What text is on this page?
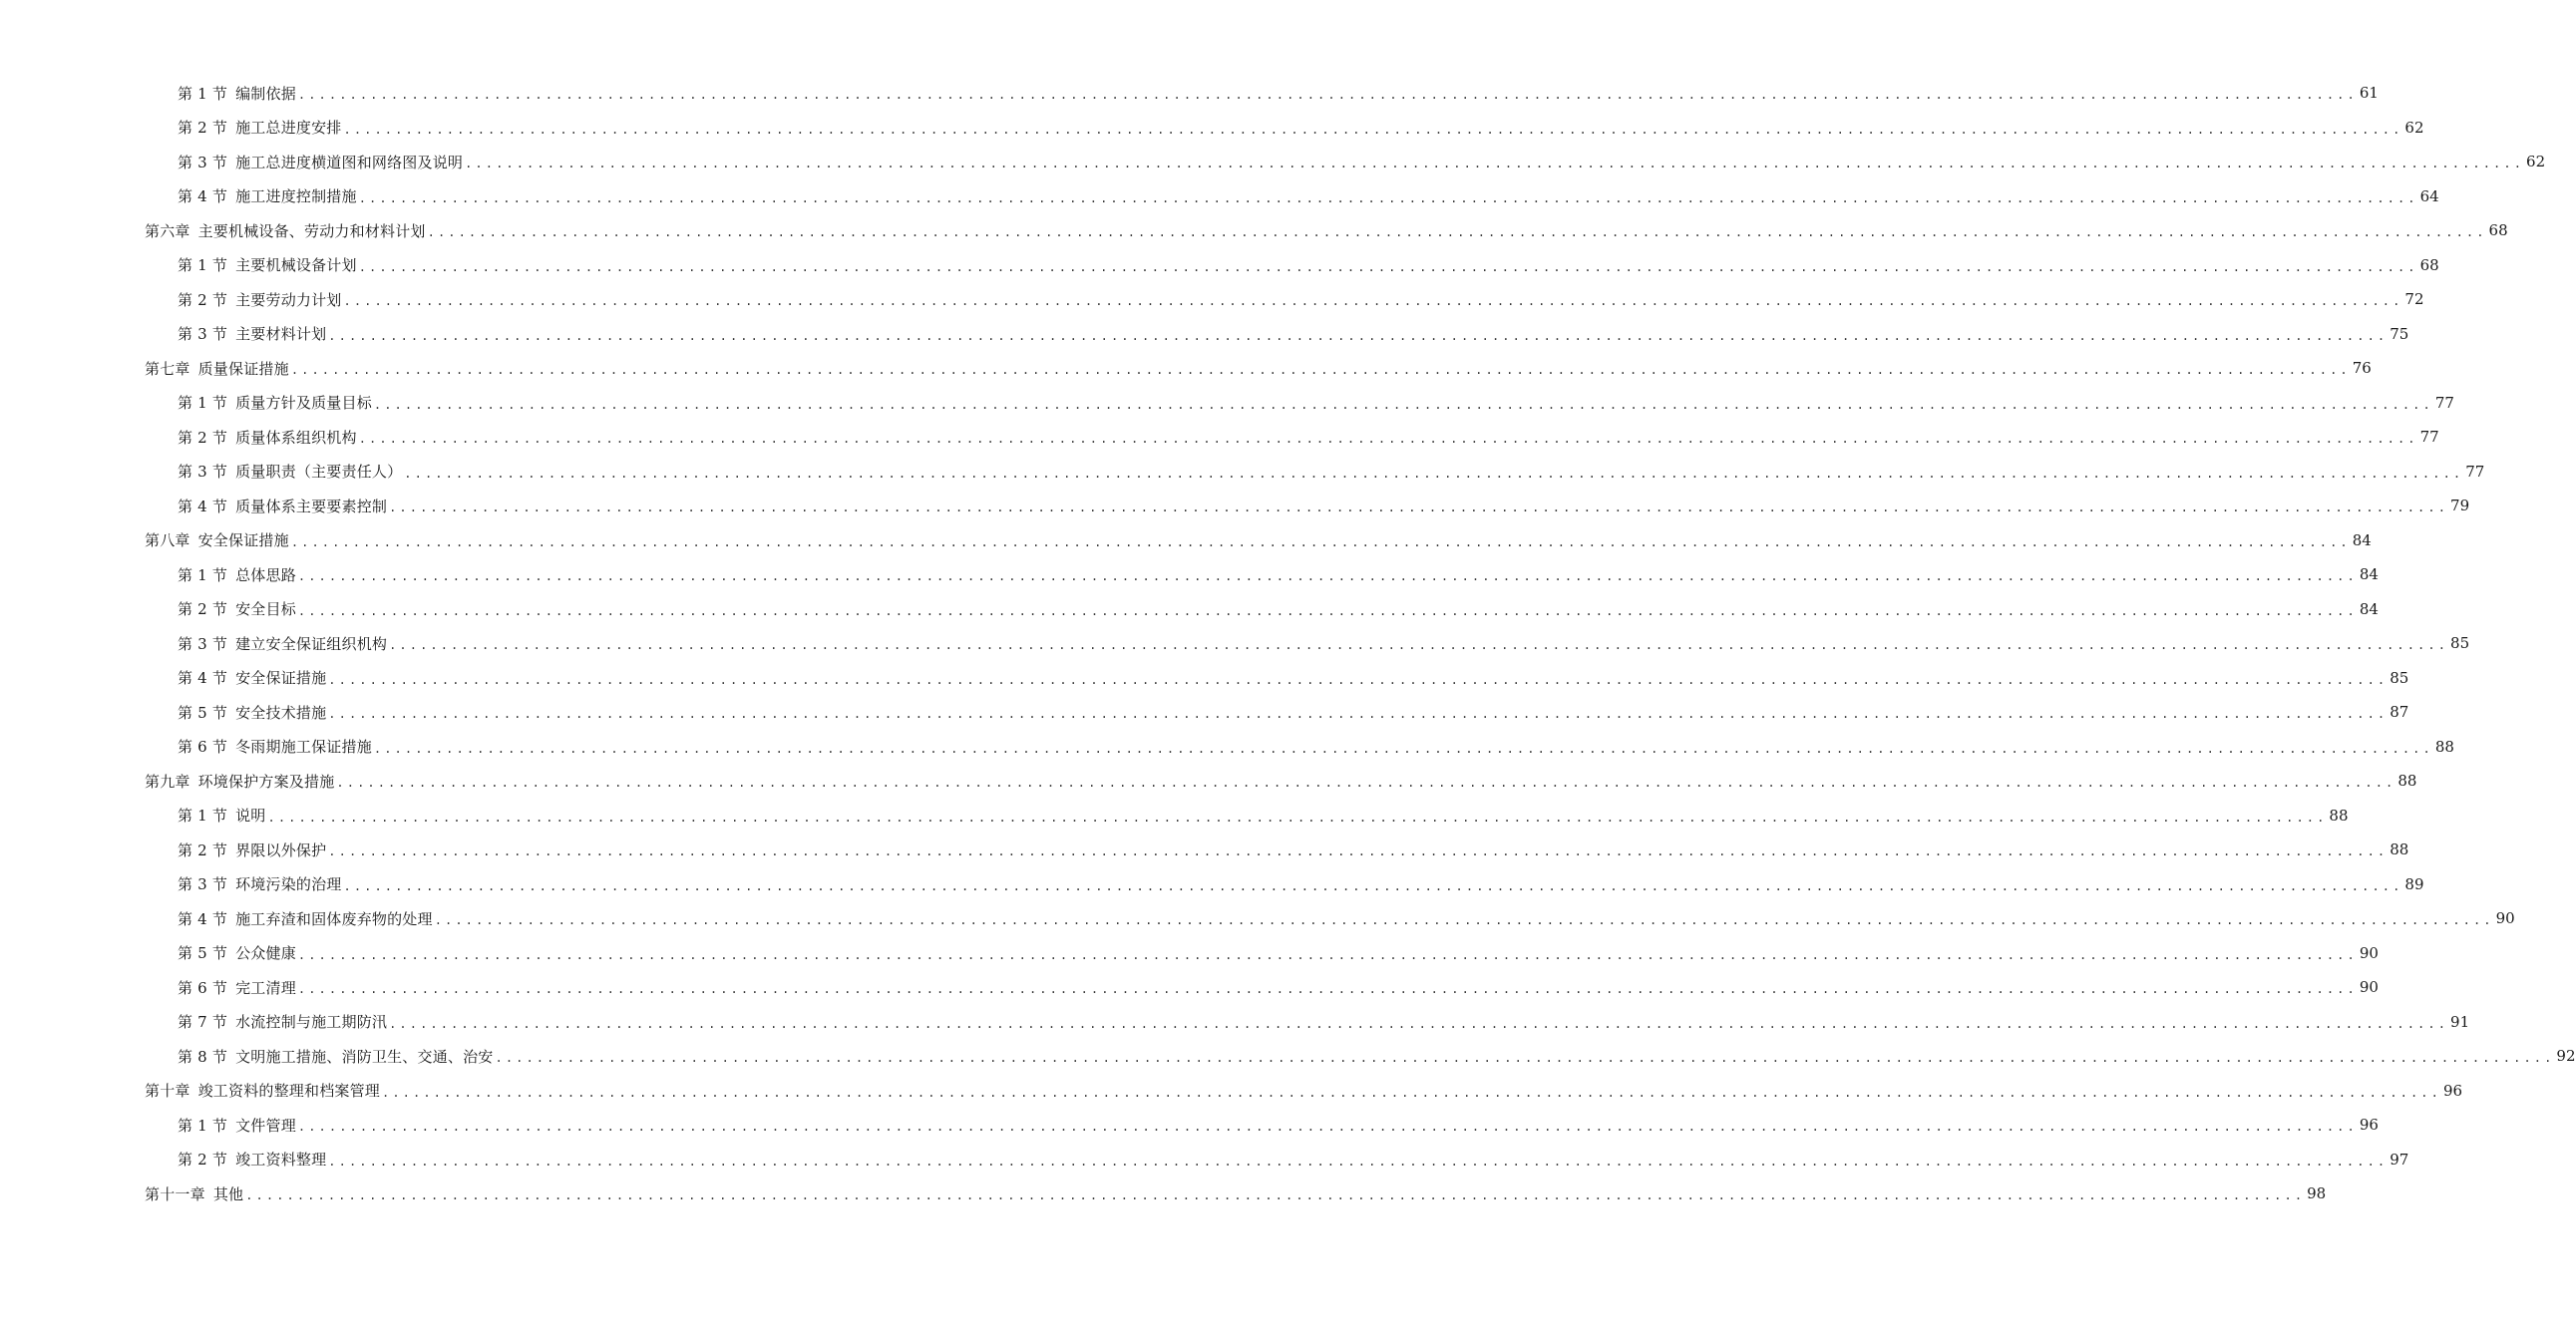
第 1 节 编制依据 ........................................................................................................................................................................................................ 61
第 2 节 施工总进度安排 ........................................................................................................................................................................................................ 62
第 3 节 施工总进度横道图和网络图及说明 ........................................................................................................................................................................................................ 62
第 4 节 施工进度控制措施 ........................................................................................................................................................................................................ 64
第六章 主要机械设备、劳动力和材料计划 ........................................................................................................................................................................................................ 68
第 1 节 主要机械设备计划 ........................................................................................................................................................................................................ 68
第 2 节 主要劳动力计划 ........................................................................................................................................................................................................ 72
第 3 节 主要材料计划 ........................................................................................................................................................................................................ 75
第七章 质量保证措施 ........................................................................................................................................................................................................ 76
第 1 节 质量方针及质量目标 ........................................................................................................................................................................................................ 77
第 2 节 质量体系组织机构 ........................................................................................................................................................................................................ 77
第 3 节 质量职责（主要责任人） ........................................................................................................................................................................................................ 77
第 4 节 质量体系主要要素控制 ........................................................................................................................................................................................................ 79
第八章 安全保证措施 ........................................................................................................................................................................................................ 84
第 1 节 总体思路 ........................................................................................................................................................................................................ 84
第 2 节 安全目标 ........................................................................................................................................................................................................ 84
第 3 节 建立安全保证组织机构 ........................................................................................................................................................................................................ 85
第 4 节 安全保证措施 ........................................................................................................................................................................................................ 85
第 5 节 安全技术措施 ........................................................................................................................................................................................................ 87
第 6 节 冬雨期施工保证措施 ........................................................................................................................................................................................................ 88
第九章 环境保护方案及措施 ........................................................................................................................................................................................................ 88
第 1 节 说明 ........................................................................................................................................................................................................ 88
第 2 节 界限以外保护 ........................................................................................................................................................................................................ 88
第 3 节 环境污染的治理 ........................................................................................................................................................................................................ 89
第 4 节 施工弃渣和固体废弃物的处理 ........................................................................................................................................................................................................ 90
第 5 节 公众健康 ........................................................................................................................................................................................................ 90
第 6 节 完工清理 ........................................................................................................................................................................................................ 90
第 7 节 水流控制与施工期防汛 ........................................................................................................................................................................................................ 91
第 8 节 文明施工措施、消防卫生、交通、治安 ........................................................................................................................................................................................................ 92
第十章 竣工资料的整理和档案管理 ........................................................................................................................................................................................................ 96
第 1 节 文件管理 ........................................................................................................................................................................................................ 96
第 2 节 竣工资料整理 ........................................................................................................................................................................................................ 97
第十一章 其他 ........................................................................................................................................................................................................ 98
